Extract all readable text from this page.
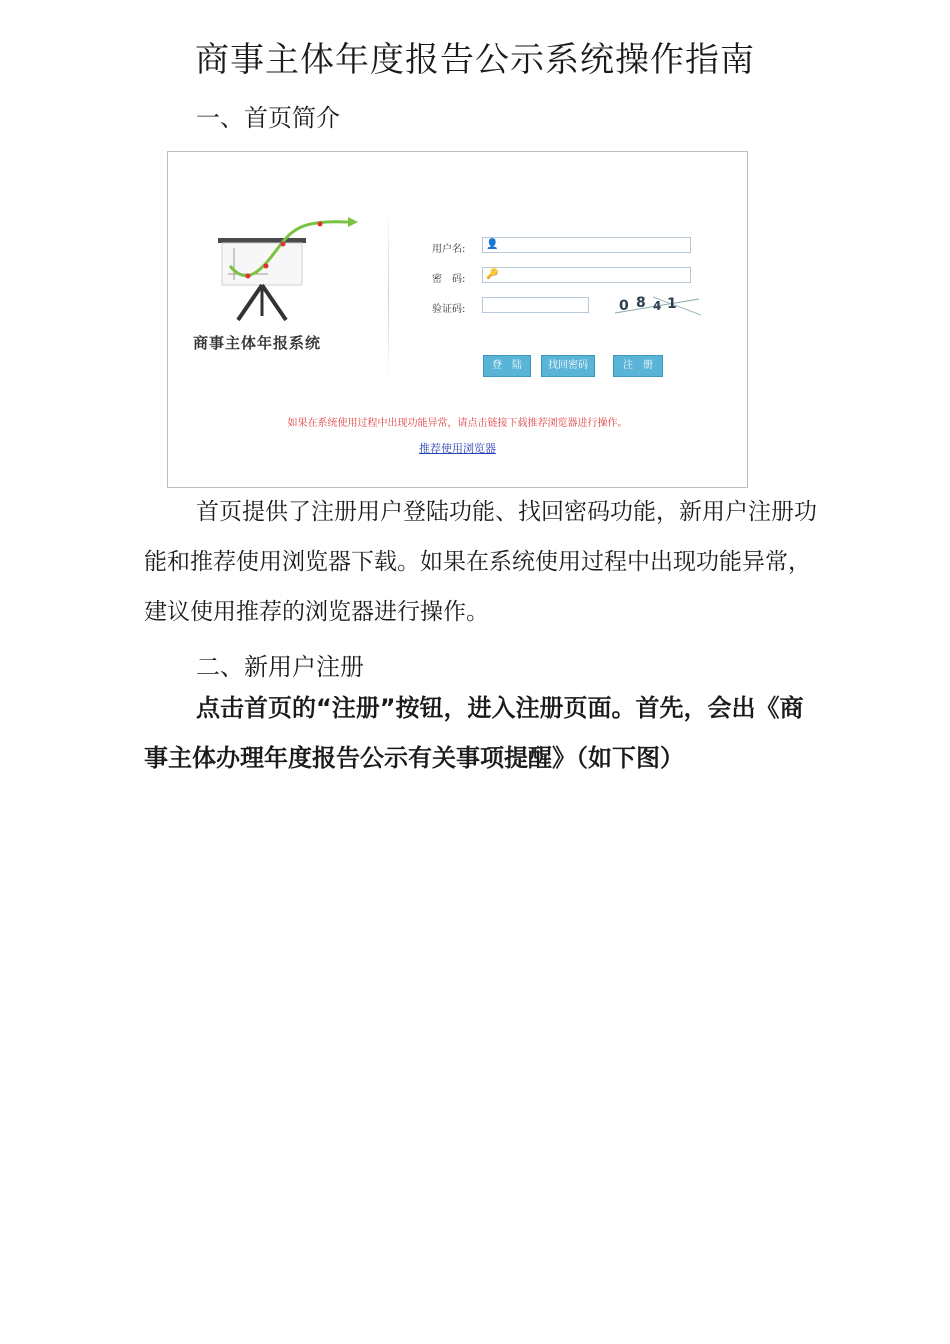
商事主体年度报告公示系统操作指南
一、首页简介
商事主体年报系统
用户名: 👤
密　码: 🔑
验证码:	0 8 4 1
登　陆	找回密码	注　册
如果在系统使用过程中出现功能异常，请点击链接下载推荐浏览器进行操作。
推荐使用浏览器

首页提供了注册用户登陆功能、找回密码功能，新用户注册功能和推荐使用浏览器下载。如果在系统使用过程中出现功能异常，建议使用推荐的浏览器进行操作。

二、新用户注册

点击首页的“注册”按钮，进入注册页面。首先，会出《商事主体办理年度报告公示有关事项提醒》（如下图）
